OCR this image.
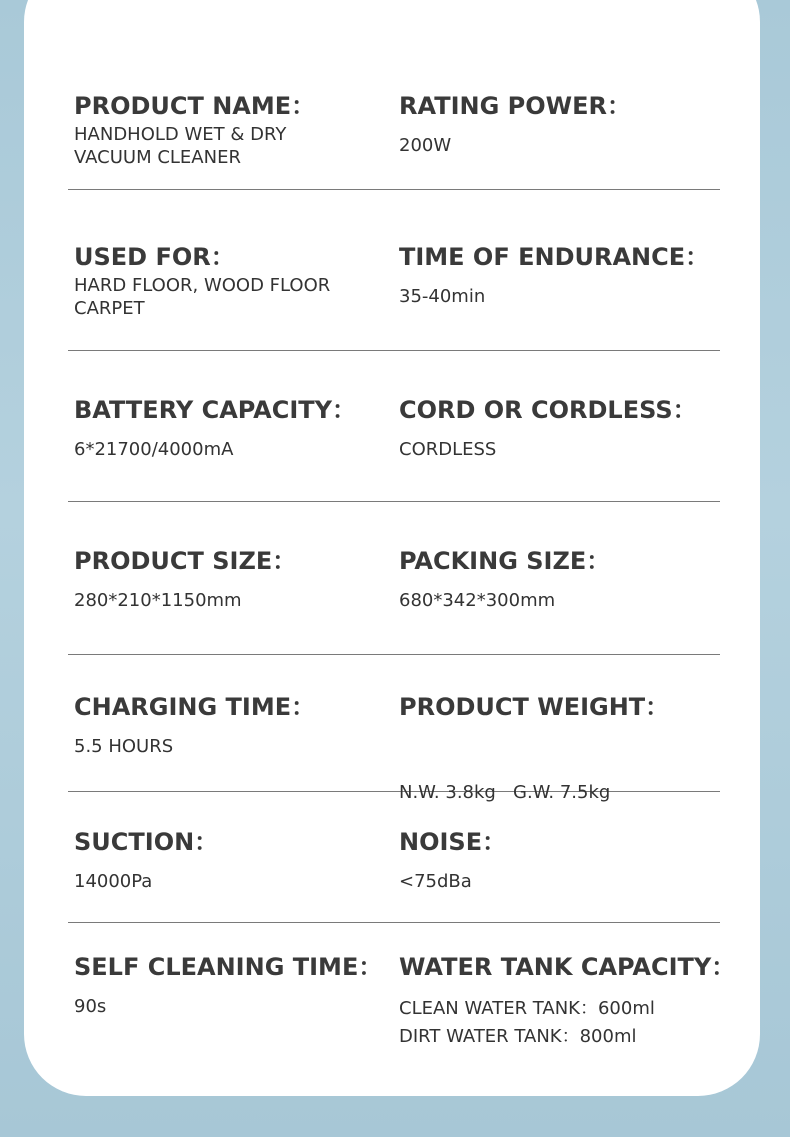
PRODUCT NAME：
HANDHOLD WET & DRY
VACUUM CLEANER
RATING POWER：
200W
USED FOR：
HARD FLOOR, WOOD FLOOR
CARPET
TIME OF ENDURANCE：
35-40min
BATTERY CAPACITY：
6*21700/4000mA
CORD OR CORDLESS：
CORDLESS
PRODUCT SIZE：
280*210*1150mm
PACKING SIZE：
680*342*300mm
CHARGING TIME：
5.5 HOURS
PRODUCT WEIGHT：

N.W. 3.8kg   G.W. 7.5kg

SUCTION：
14000Pa
NOISE：
<75dBa
SELF CLEANING TIME：
90s
WATER TANK CAPACITY：
CLEAN WATER TANK：600ml
DIRT WATER TANK：800ml
